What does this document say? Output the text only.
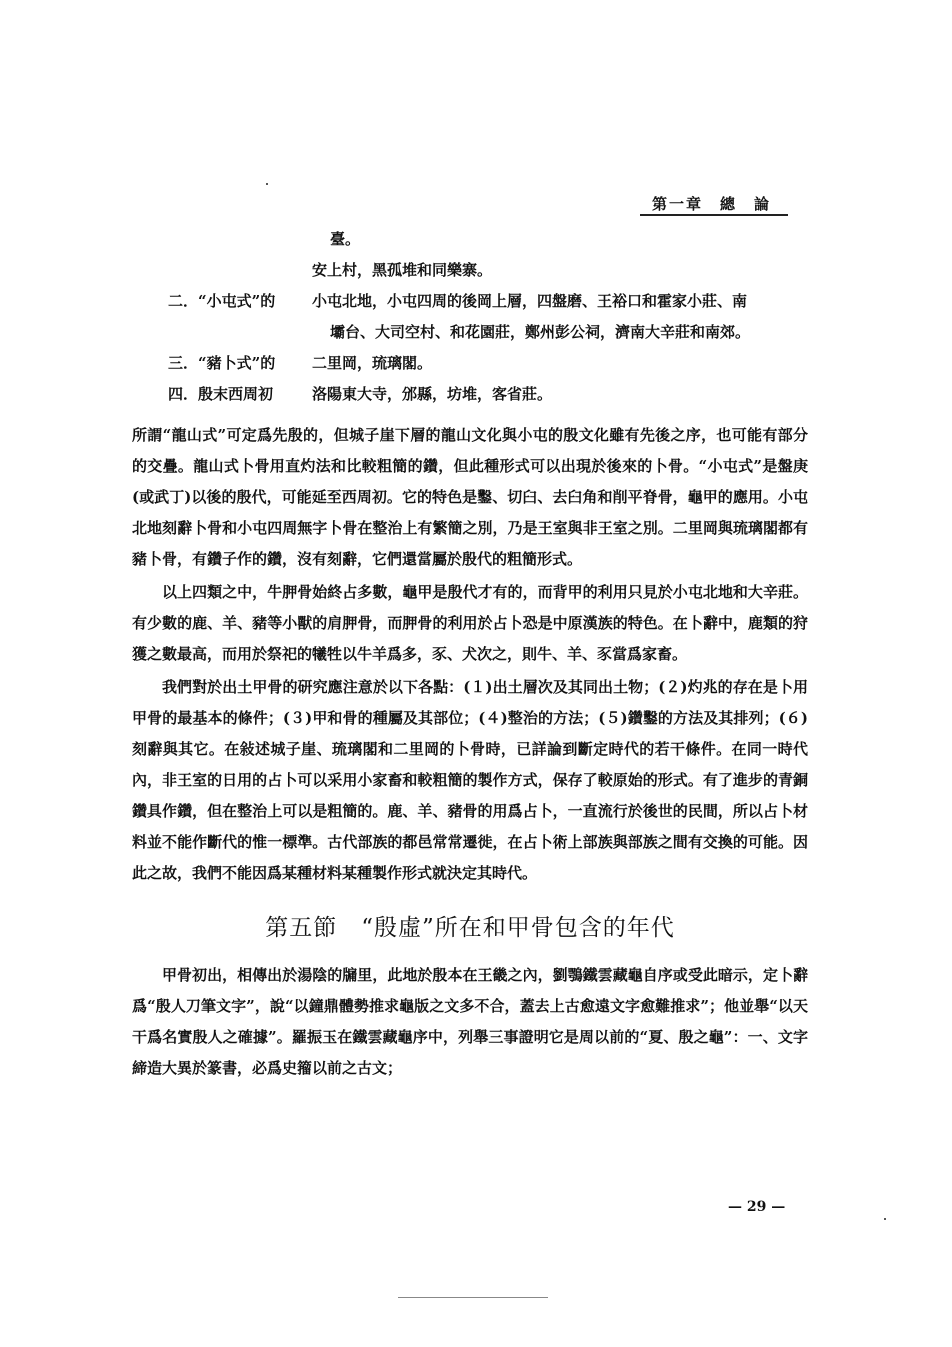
第一章　總　論
臺。
安上村，黑孤堆和同樂寨。
二．“小屯式”的 小屯北地，小屯四周的後岡上層，四盤磨、王裕口和霍家小莊、南
壩台、大司空村、和花園莊，鄭州彭公祠，濟南大辛莊和南郊。
三．“豬卜式”的 二里岡，琉璃閣。
四．殷末西周初	洛陽東大寺，邠縣，坊堆，客省莊。

所謂“龍山式”可定爲先殷的，但城子崖下層的龍山文化與小屯的殷文化雖有先後之序，也可能有部分的交疊。龍山式卜骨用直灼法和比較粗簡的鑽，但此種形式可以出現於後來的卜骨。“小屯式”是盤庚(或武丁)以後的殷代，可能延至西周初。它的特色是鑿、切臼、去臼角和削平脊骨，龜甲的應用。小屯北地刻辭卜骨和小屯四周無字卜骨在整治上有繁簡之別，乃是王室與非王室之別。二里岡與琉璃閣都有豬卜骨，有鑽子作的鑽，沒有刻辭，它們還當屬於殷代的粗簡形式。

以上四類之中，牛胛骨始終占多數，龜甲是殷代才有的，而背甲的利用只見於小屯北地和大辛莊。有少數的鹿、羊、豬等小獸的肩胛骨，而胛骨的利用於占卜恐是中原漢族的特色。在卜辭中，鹿類的狩獲之數最高，而用於祭祀的犧牲以牛羊爲多，豕、犬次之，則牛、羊、豕當爲家畜。

我們對於出土甲骨的研究應注意於以下各點：(１)出土層次及其同出土物；(２)灼兆的存在是卜用甲骨的最基本的條件；(３)甲和骨的種屬及其部位；(４)整治的方法；(５)鑽鑿的方法及其排列；(６)刻辭與其它。在敍述城子崖、琉璃閣和二里岡的卜骨時，已詳論到斷定時代的若干條件。在同一時代內，非王室的日用的占卜可以采用小家畜和較粗簡的製作方式，保存了較原始的形式。有了進步的青銅鑽具作鑽，但在整治上可以是粗簡的。鹿、羊、豬骨的用爲占卜，一直流行於後世的民間，所以占卜材料並不能作斷代的惟一標準。古代部族的都邑常常遷徙，在占卜術上部族與部族之間有交換的可能。因此之故，我們不能因爲某種材料某種製作形式就決定其時代。

第五節　“殷虛”所在和甲骨包含的年代

甲骨初出，相傳出於湯陰的牖里，此地於殷本在王畿之內，劉鶚鐵雲藏龜自序或受此暗示，定卜辭爲“殷人刀筆文字”，說“以鐘鼎體勢推求龜版之文多不合，蓋去上古愈遠文字愈難推求”；他並舉“以天干爲名實殷人之確據”。羅振玉在鐵雲藏龜序中，列舉三事證明它是周以前的“夏、殷之龜”：一、文字締造大異於篆書，必爲史籀以前之古文；

— 29 —
